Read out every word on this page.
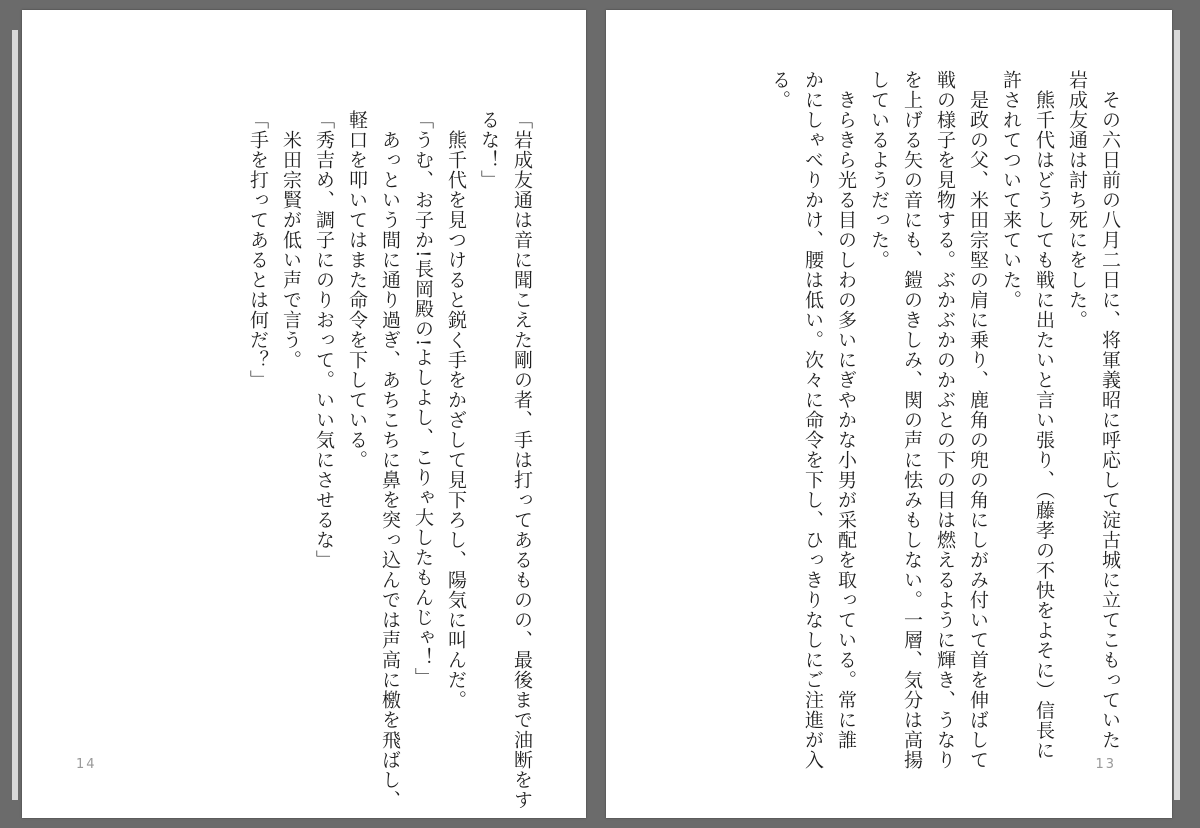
「岩成友通は音に聞こえた剛の者、手は打ってあるものの、最後まで油断をす
るな！」
　熊千代を見つけると鋭く手をかざして見下ろし、陽気に叫んだ。
「うむ、お子か!長岡殿の!よしよし、こりゃ大したもんじゃ！」
　あっという間に通り過ぎ、あちこちに鼻を突っ込んでは声高に檄を飛ばし、
軽口を叩いてはまた命令を下している。
「秀吉め、調子にのりおって。いい気にさせるな」
　米田宗賢が低い声で言う。
「手を打ってあるとは何だ？」
14
　その六日前の八月二日に、将軍義昭に呼応して淀古城に立てこもっていた
岩成友通は討ち死にをした。
　熊千代はどうしても戦に出たいと言い張り、（藤孝の不快をよそに）信長に
許されてついて来ていた。
　是政の父、米田宗堅の肩に乗り、鹿角の兜の角にしがみ付いて首を伸ばして
戦の様子を見物する。ぶかぶかのかぶとの下の目は燃えるように輝き、うなり
を上げる矢の音にも、鎧のきしみ、関の声に怯みもしない。一層、気分は高揚
しているようだった。
　きらきら光る目のしわの多いにぎやかな小男が采配を取っている。常に誰
かにしゃべりかけ、腰は低い。次々に命令を下し、ひっきりなしにご注進が入
る。
13
